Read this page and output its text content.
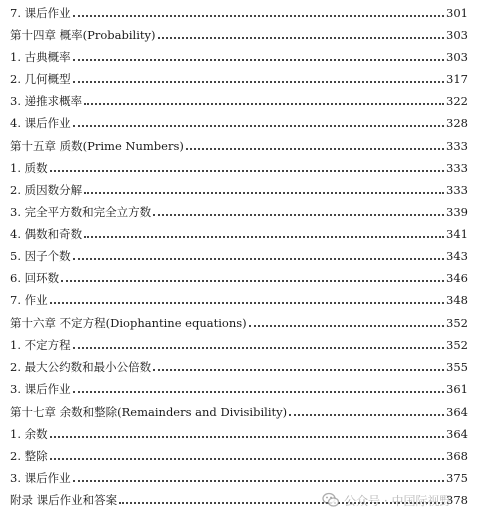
7. 课后作业	301
第十四章 概率(Probability)	303
1. 古典概率	303
2. 几何概型	317
3. 递推求概率	322
4. 课后作业	328
第十五章 质数(Prime Numbers)	333
1. 质数	333
2. 质因数分解	333
3. 完全平方数和完全立方数	339
4. 偶数和奇数	341
5. 因子个数	343
6. 回环数	346
7. 作业	348
第十六章 不定方程(Diophantine equations)	352
1. 不定方程	352
2. 最大公约数和最小公倍数	355
3. 课后作业	361
第十七章 余数和整除(Remainders and Divisibility)	364
1. 余数	364
2. 整除	368
3. 课后作业	375
附录 课后作业和答案	378
公众号 · 中国际视野
